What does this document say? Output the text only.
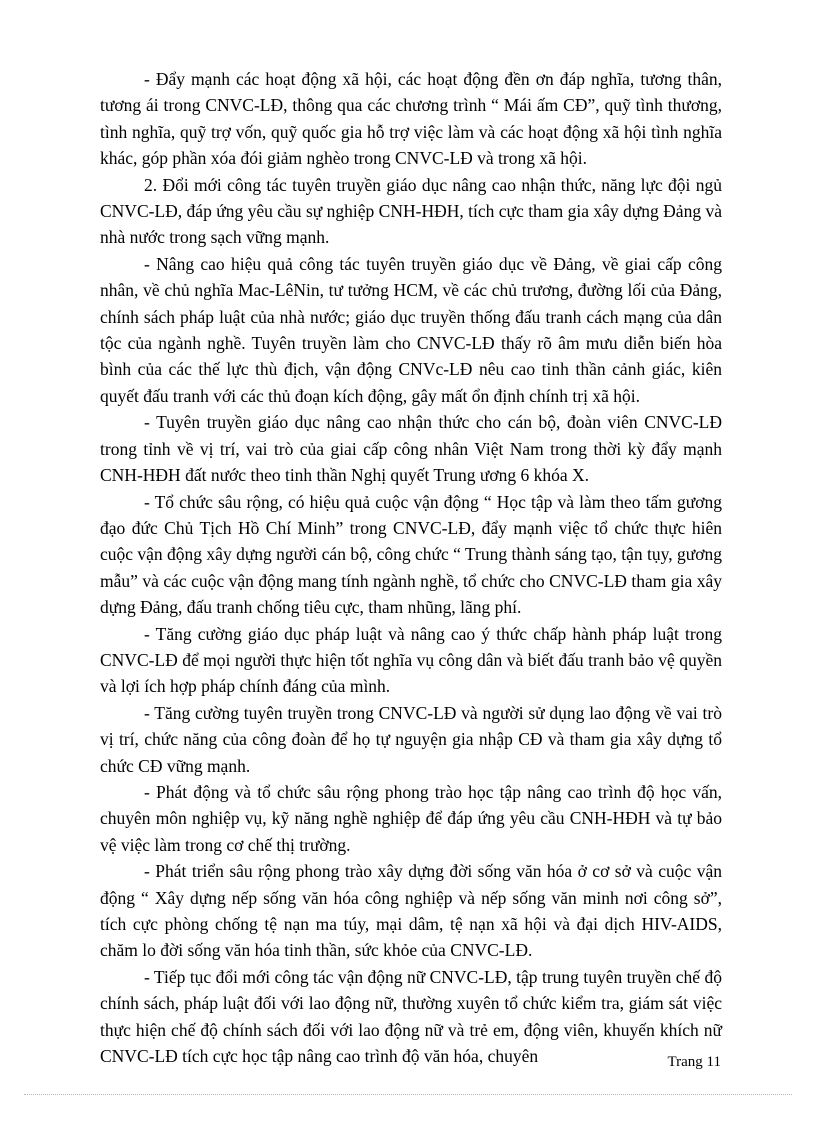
- Đẩy mạnh các hoạt động xã hội, các hoạt động đền ơn đáp nghĩa, tương thân, tương ái trong CNVC-LĐ, thông qua các chương trình “ Mái ấm CĐ”, quỹ tình thương, tình nghĩa, quỹ trợ vốn, quỹ quốc gia hỗ trợ việc làm và các hoạt động xã hội tình nghĩa khác, góp phần xóa đói giảm nghèo trong CNVC-LĐ và trong xã hội.

2. Đổi mới công tác tuyên truyền giáo dục nâng cao nhận thức, năng lực đội ngủ CNVC-LĐ, đáp ứng yêu cầu sự nghiệp CNH-HĐH, tích cực tham gia xây dựng Đảng và nhà nước trong sạch vững mạnh.

- Nâng cao hiệu quả công tác tuyên truyền giáo dục về Đảng, về giai cấp công nhân, về chủ nghĩa Mac-LêNin, tư tưởng HCM, về các chủ trương, đường lối của Đảng, chính sách pháp luật của nhà nước; giáo dục truyền thống đấu tranh cách mạng của dân tộc của ngành nghề. Tuyên truyền làm cho CNVC-LĐ thấy rõ âm mưu diễn biến hòa bình của các thế lực thù địch, vận động CNVc-LĐ nêu cao tinh thần cảnh giác, kiên quyết đấu tranh với các thủ đoạn kích động, gây mất ổn định chính trị xã hội.

- Tuyên truyền giáo dục nâng cao nhận thức cho cán bộ, đoàn viên CNVC-LĐ trong tỉnh về vị trí, vai trò của giai cấp công nhân Việt Nam trong thời kỳ đẩy mạnh CNH-HĐH đất nước theo tinh thần Nghị quyết Trung ương 6 khóa X.

- Tổ chức sâu rộng, có hiệu quả cuộc vận động “ Học tập và làm theo tấm gương đạo đức Chủ Tịch Hồ Chí Minh” trong CNVC-LĐ, đẩy mạnh việc tổ chức thực hiên cuộc vận động xây dựng người cán bộ, công chức “ Trung thành sáng tạo, tận tụy, gương mẫu” và các cuộc vận động mang tính ngành nghề, tổ chức cho CNVC-LĐ tham gia xây dựng Đảng, đấu tranh chống tiêu cực, tham nhũng, lãng phí.

- Tăng cường giáo dục pháp luật và nâng cao ý thức chấp hành pháp luật trong CNVC-LĐ để mọi người thực hiện tốt nghĩa vụ công dân và biết đấu tranh bảo vệ quyền và lợi ích hợp pháp chính đáng của mình.

- Tăng cường tuyên truyền trong CNVC-LĐ và người sử dụng lao động về vai trò vị trí, chức năng của công đoàn để họ tự nguyện gia nhập CĐ và tham gia xây dựng tổ chức CĐ vững mạnh.

- Phát động và tổ chức sâu rộng phong trào học tập nâng cao trình độ học vấn, chuyên môn nghiệp vụ, kỹ năng nghề nghiệp để đáp ứng yêu cầu CNH-HĐH và tự bảo vệ việc làm trong cơ chế thị trường.

- Phát triển sâu rộng phong trào xây dựng đời sống văn hóa ở cơ sở và cuộc vận động “ Xây dựng nếp sống văn hóa công nghiệp và nếp sống văn minh nơi công sở”, tích cực phòng chống tệ nạn ma túy, mại dâm, tệ nạn xã hội và đại dịch HIV-AIDS, chăm lo đời sống văn hóa tinh thần, sức khỏe của CNVC-LĐ.

- Tiếp tục đổi mới công tác vận động nữ CNVC-LĐ, tập trung tuyên truyền chế độ chính sách, pháp luật đối với lao động nữ, thường xuyên tổ chức kiểm tra, giám sát việc thực hiện chế độ chính sách đối với lao động nữ và trẻ em, động viên, khuyến khích nữ CNVC-LĐ tích cực học tập nâng cao trình độ văn hóa, chuyên	Trang 11
